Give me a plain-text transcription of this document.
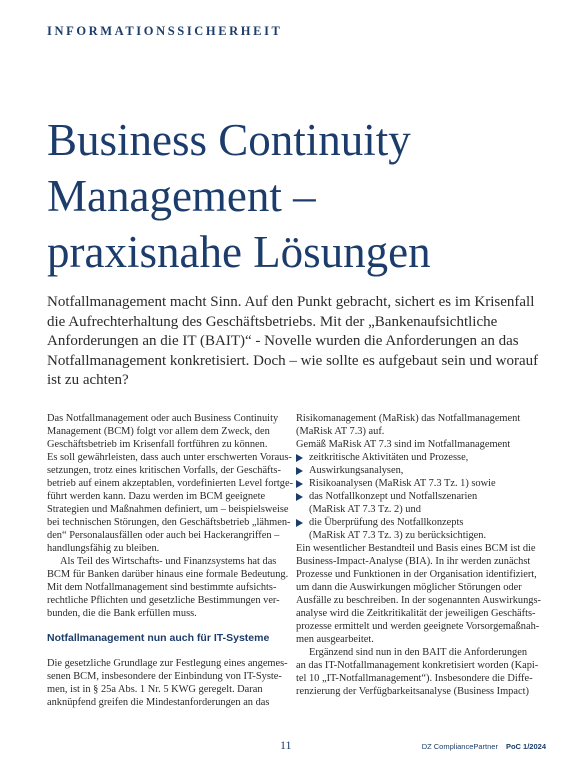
INFORMATIONSSICHERHEIT
Business Continuity
Management –
praxisnahe Lösungen
Notfallmanagement macht Sinn. Auf den Punkt gebracht, sichert es im Krisenfall
die Aufrechterhaltung des Geschäftsbetriebs. Mit der „Bankenaufsichtliche
Anforderungen an die IT (BAIT)“ - Novelle wurden die Anforderungen an das
Notfallmanagement konkretisiert. Doch – wie sollte es aufgebaut sein und worauf
ist zu achten?
Das Notfallmanagement oder auch Business Continuity
Management (BCM) folgt vor allem dem Zweck, den
Geschäftsbetrieb im Krisenfall fortführen zu können.
Es soll gewährleisten, dass auch unter erschwerten Voraus-
setzungen, trotz eines kritischen Vorfalls, der Geschäfts-
betrieb auf einem akzeptablen, vordefinierten Level fortge-
führt werden kann. Dazu werden im BCM geeignete
Strategien und Maßnahmen definiert, um – beispielsweise
bei technischen Störungen, den Geschäftsbetrieb „lähmen-
den“ Personalausfällen oder auch bei Hackerangriffen –
handlungsfähig zu bleiben.
Als Teil des Wirtschafts- und Finanzsystems hat das
BCM für Banken darüber hinaus eine formale Bedeutung.
Mit dem Notfallmanagement sind bestimmte aufsichts-
rechtliche Pflichten und gesetzliche Bestimmungen ver-
bunden, die die Bank erfüllen muss.
Notfallmanagement nun auch für IT-Systeme
Die gesetzliche Grundlage zur Festlegung eines angemes-
senen BCM, insbesondere der Einbindung von IT-Syste-
men, ist in § 25a Abs. 1 Nr. 5 KWG geregelt. Daran
anknüpfend greifen die Mindestanforderungen an das
Risikomanagement (MaRisk) das Notfallmanagement
(MaRisk AT 7.3) auf.
Gemäß MaRisk AT 7.3 sind im Notfallmanagement
zeitkritische Aktivitäten und Prozesse,
Auswirkungsanalysen,
Risikoanalysen (MaRisk AT 7.3 Tz. 1) sowie
das Notfallkonzept und Notfallszenarien
(MaRisk AT 7.3 Tz. 2) und
die Überprüfung des Notfallkonzepts
(MaRisk AT 7.3 Tz. 3) zu berücksichtigen.
Ein wesentlicher Bestandteil und Basis eines BCM ist die
Business-Impact-Analyse (BIA). In ihr werden zunächst
Prozesse und Funktionen in der Organisation identifiziert,
um dann die Auswirkungen möglicher Störungen oder
Ausfälle zu beschreiben. In der sogenannten Auswirkungs-
analyse wird die Zeitkritikalität der jeweiligen Geschäfts-
prozesse ermittelt und werden geeignete Vorsorgemaßnah-
men ausgearbeitet.
Ergänzend sind nun in den BAIT die Anforderungen
an das IT-Notfallmanagement konkretisiert worden (Kapi-
tel 10 „IT-Notfallmanagement“). Insbesondere die Diffe-
renzierung der Verfügbarkeitsanalyse (Business Impact)
11	DZ CompliancePartner PoC 1/2024
